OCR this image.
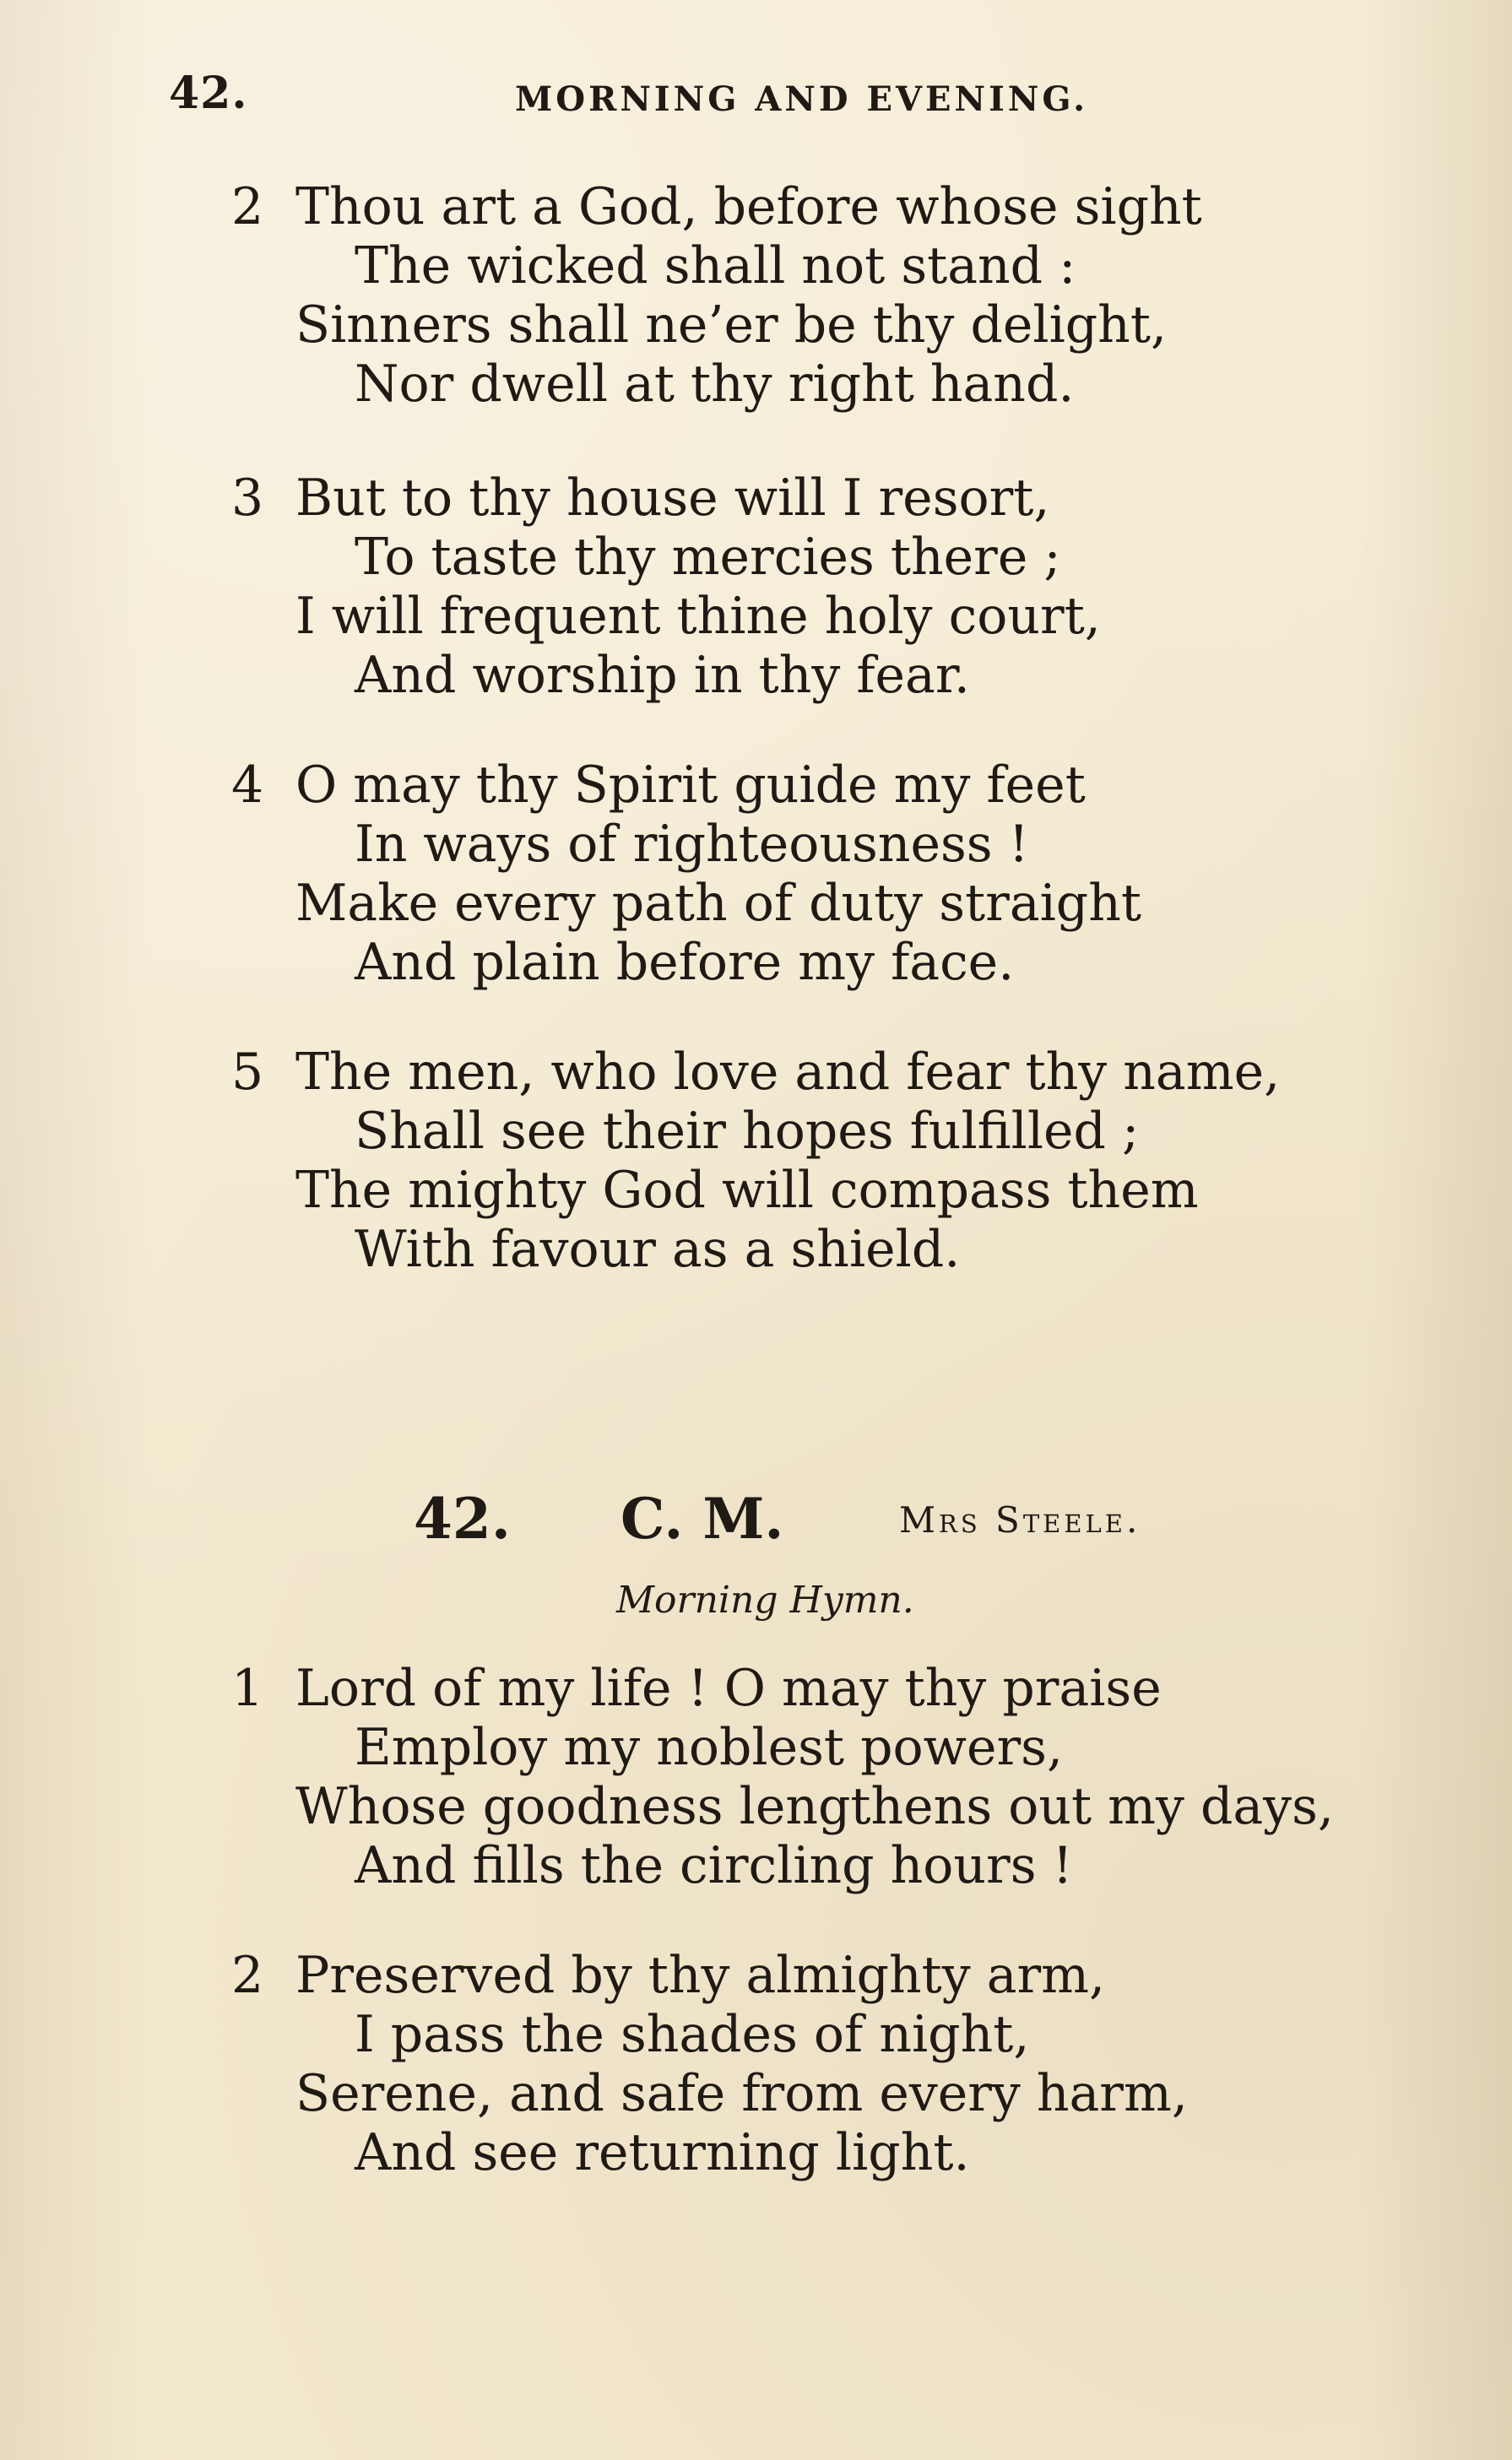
42.	MORNING AND EVENING.
2 Thou art a God, before whose sight
The wicked shall not stand :
Sinners shall ne’er be thy delight,
Nor dwell at thy right hand.
3 But to thy house will I resort,
To taste thy mercies there ;
I will frequent thine holy court,
And worship in thy fear.
4 O may thy Spirit guide my feet
In ways of righteousness !
Make every path of duty straight
And plain before my face.
5 The men, who love and fear thy name,
Shall see their hopes fulfilled ;
The mighty God will compass them
With favour as a shield.
42. C. M.	Mrs Steele.
Morning Hymn.
1 Lord of my life ! O may thy praise
Employ my noblest powers,
Whose goodness lengthens out my days,
And fills the circling hours !
2 Preserved by thy almighty arm,
I pass the shades of night,
Serene, and safe from every harm,
And see returning light.
